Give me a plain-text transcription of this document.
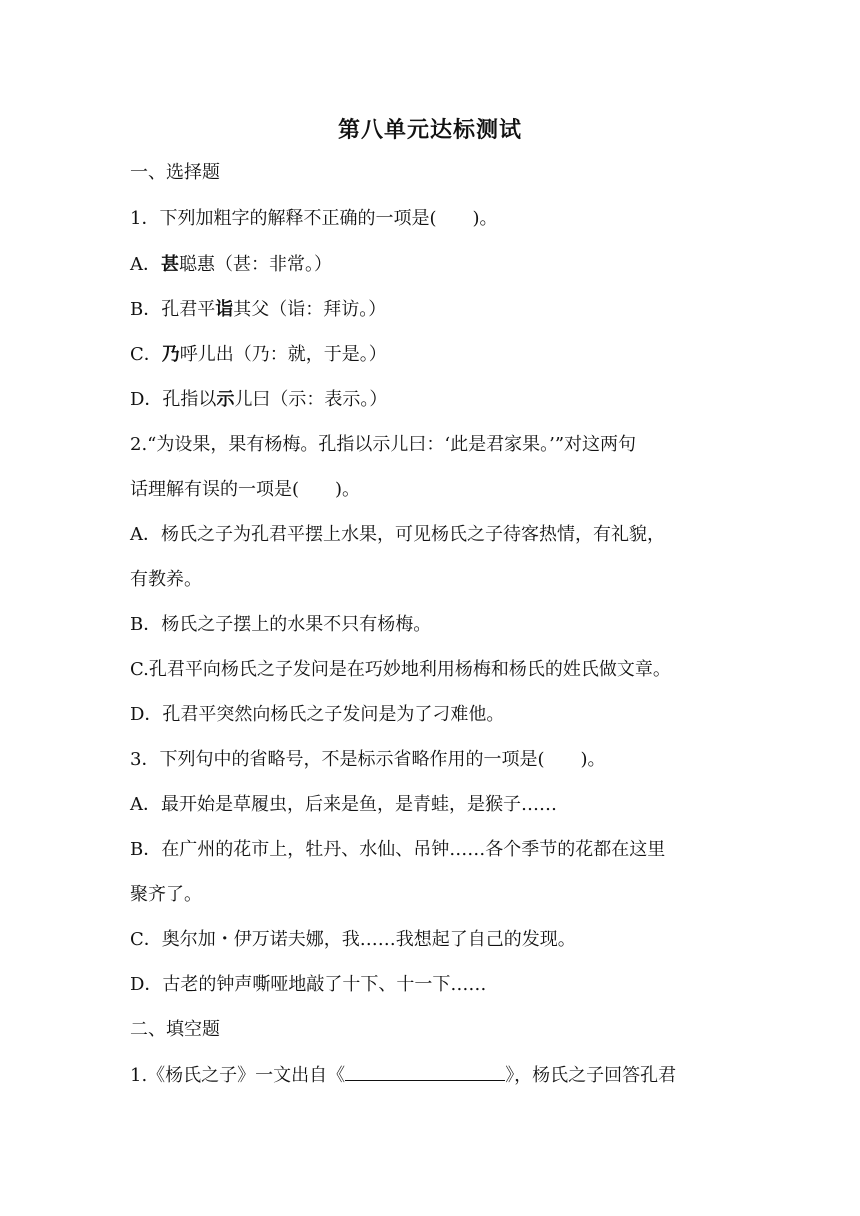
第八单元达标测试
一、选择题
1．下列加粗字的解释不正确的一项是(　　)。
A．甚聪惠（甚：非常。）
B．孔君平诣其父（诣：拜访。）
C．乃呼儿出（乃：就，于是。）
D．孔指以示儿曰（示：表示。）
2.“为设果，果有杨梅。孔指以示儿曰：‘此是君家果。’”对这两句
话理解有误的一项是(　　)。
A．杨氏之子为孔君平摆上水果，可见杨氏之子待客热情，有礼貌，
有教养。
B．杨氏之子摆上的水果不只有杨梅。
C.孔君平向杨氏之子发问是在巧妙地利用杨梅和杨氏的姓氏做文章。
D．孔君平突然向杨氏之子发问是为了刁难他。
3．下列句中的省略号，不是标示省略作用的一项是(　　)。
A．最开始是草履虫，后来是鱼，是青蛙，是猴子……
B．在广州的花市上，牡丹、水仙、吊钟……各个季节的花都在这里
聚齐了。
C．奥尔加・伊万诺夫娜，我……我想起了自己的发现。
D．古老的钟声嘶哑地敲了十下、十一下……
二、填空题
1.《杨氏之子》一文出自《	》，杨氏之子回答孔君
